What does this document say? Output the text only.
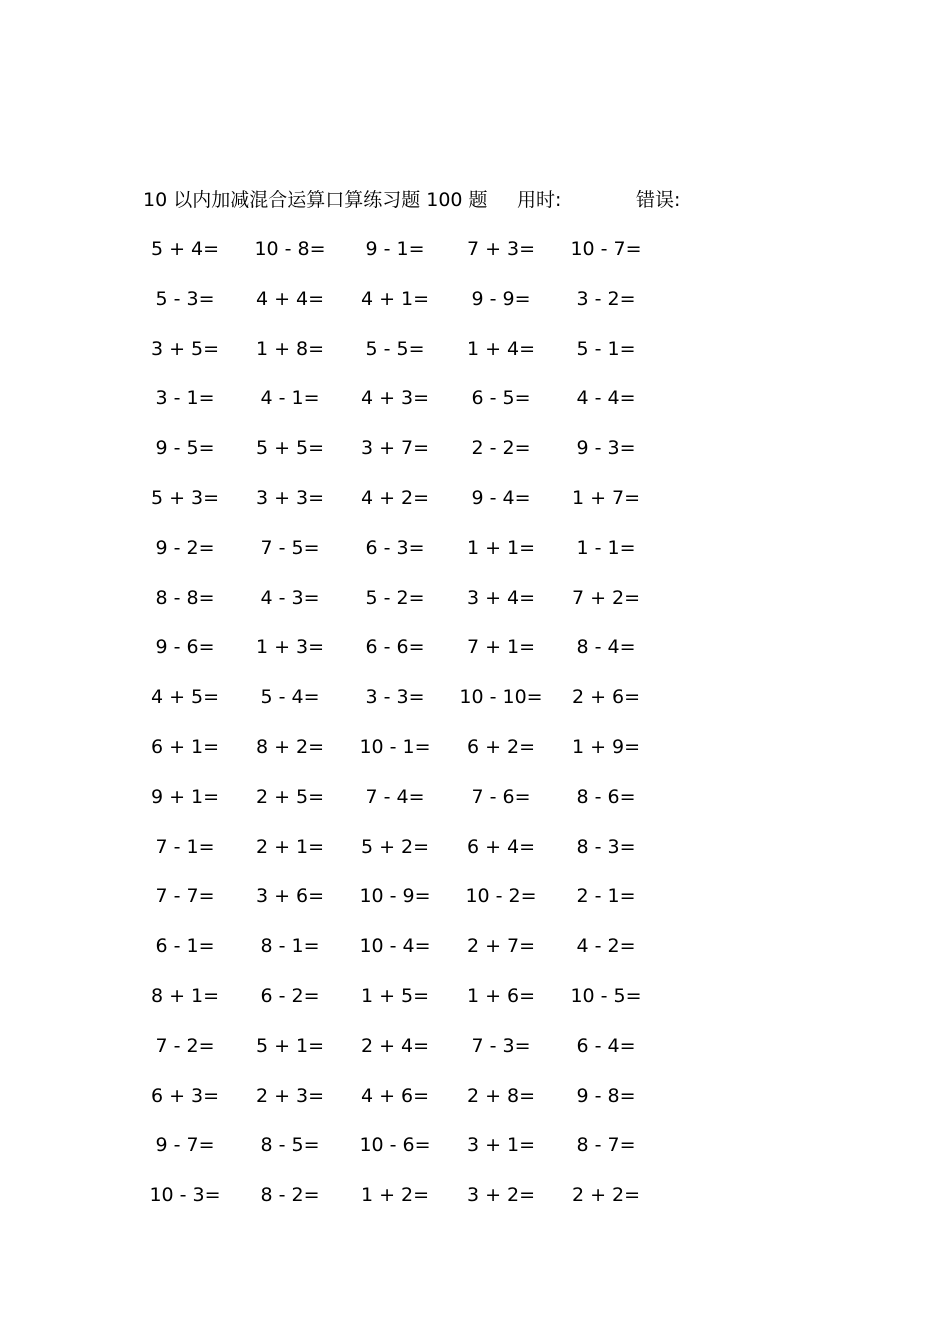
10 以内加减混合运算口算练习题 100 题 用时:	错误:
5 + 4=	10 - 8=	9 - 1=	7 + 3=	10 - 7=
5 - 3=	4 + 4=	4 + 1=	9 - 9=	3 - 2=
3 + 5=	1 + 8=	5 - 5=	1 + 4=	5 - 1=
3 - 1=	4 - 1=	4 + 3=	6 - 5=	4 - 4=
9 - 5=	5 + 5=	3 + 7=	2 - 2=	9 - 3=
5 + 3=	3 + 3=	4 + 2=	9 - 4=	1 + 7=
9 - 2=	7 - 5=	6 - 3=	1 + 1=	1 - 1=
8 - 8=	4 - 3=	5 - 2=	3 + 4=	7 + 2=
9 - 6=	1 + 3=	6 - 6=	7 + 1=	8 - 4=
4 + 5=	5 - 4=	3 - 3=	10 - 10=	2 + 6=
6 + 1=	8 + 2=	10 - 1=	6 + 2=	1 + 9=
9 + 1=	2 + 5=	7 - 4=	7 - 6=	8 - 6=
7 - 1=	2 + 1=	5 + 2=	6 + 4=	8 - 3=
7 - 7=	3 + 6=	10 - 9=	10 - 2=	2 - 1=
6 - 1=	8 - 1=	10 - 4=	2 + 7=	4 - 2=
8 + 1=	6 - 2=	1 + 5=	1 + 6=	10 - 5=
7 - 2=	5 + 1=	2 + 4=	7 - 3=	6 - 4=
6 + 3=	2 + 3=	4 + 6=	2 + 8=	9 - 8=
9 - 7=	8 - 5=	10 - 6=	3 + 1=	8 - 7=
10 - 3=	8 - 2=	1 + 2=	3 + 2=	2 + 2=
